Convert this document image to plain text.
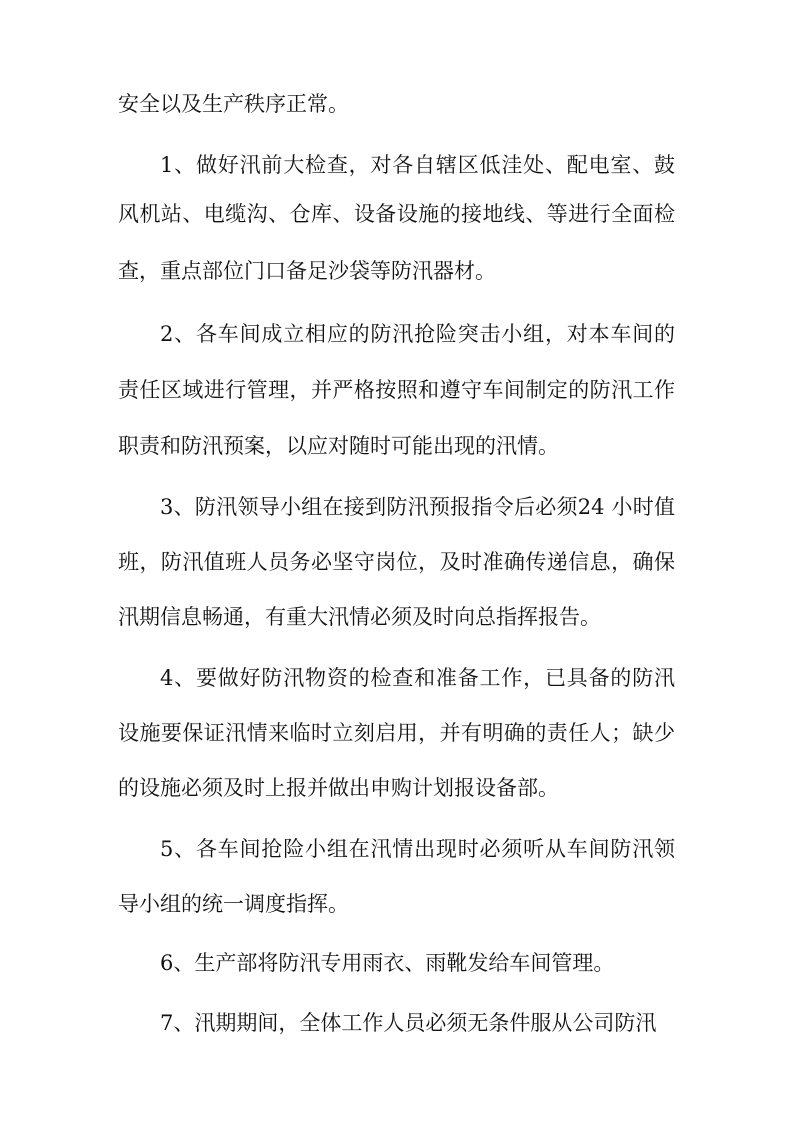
安全以及生产秩序正常。
1、做好汛前大检查，对各自辖区低洼处、配电室、鼓
风机站、电缆沟、仓库、设备设施的接地线、等进行全面检
查，重点部位门口备足沙袋等防汛器材。
2、各车间成立相应的防汛抢险突击小组，对本车间的
责任区域进行管理，并严格按照和遵守车间制定的防汛工作
职责和防汛预案，以应对随时可能出现的汛情。
3、防汛领导小组在接到防汛预报指令后必须24 小时值
班，防汛值班人员务必坚守岗位，及时准确传递信息，确保
汛期信息畅通，有重大汛情必须及时向总指挥报告。
4、要做好防汛物资的检查和准备工作，已具备的防汛
设施要保证汛情来临时立刻启用，并有明确的责任人；缺少
的设施必须及时上报并做出申购计划报设备部。
5、各车间抢险小组在汛情出现时必须听从车间防汛领
导小组的统一调度指挥。
6、生产部将防汛专用雨衣、雨靴发给车间管理。
7、汛期期间，全体工作人员必须无条件服从公司防汛
